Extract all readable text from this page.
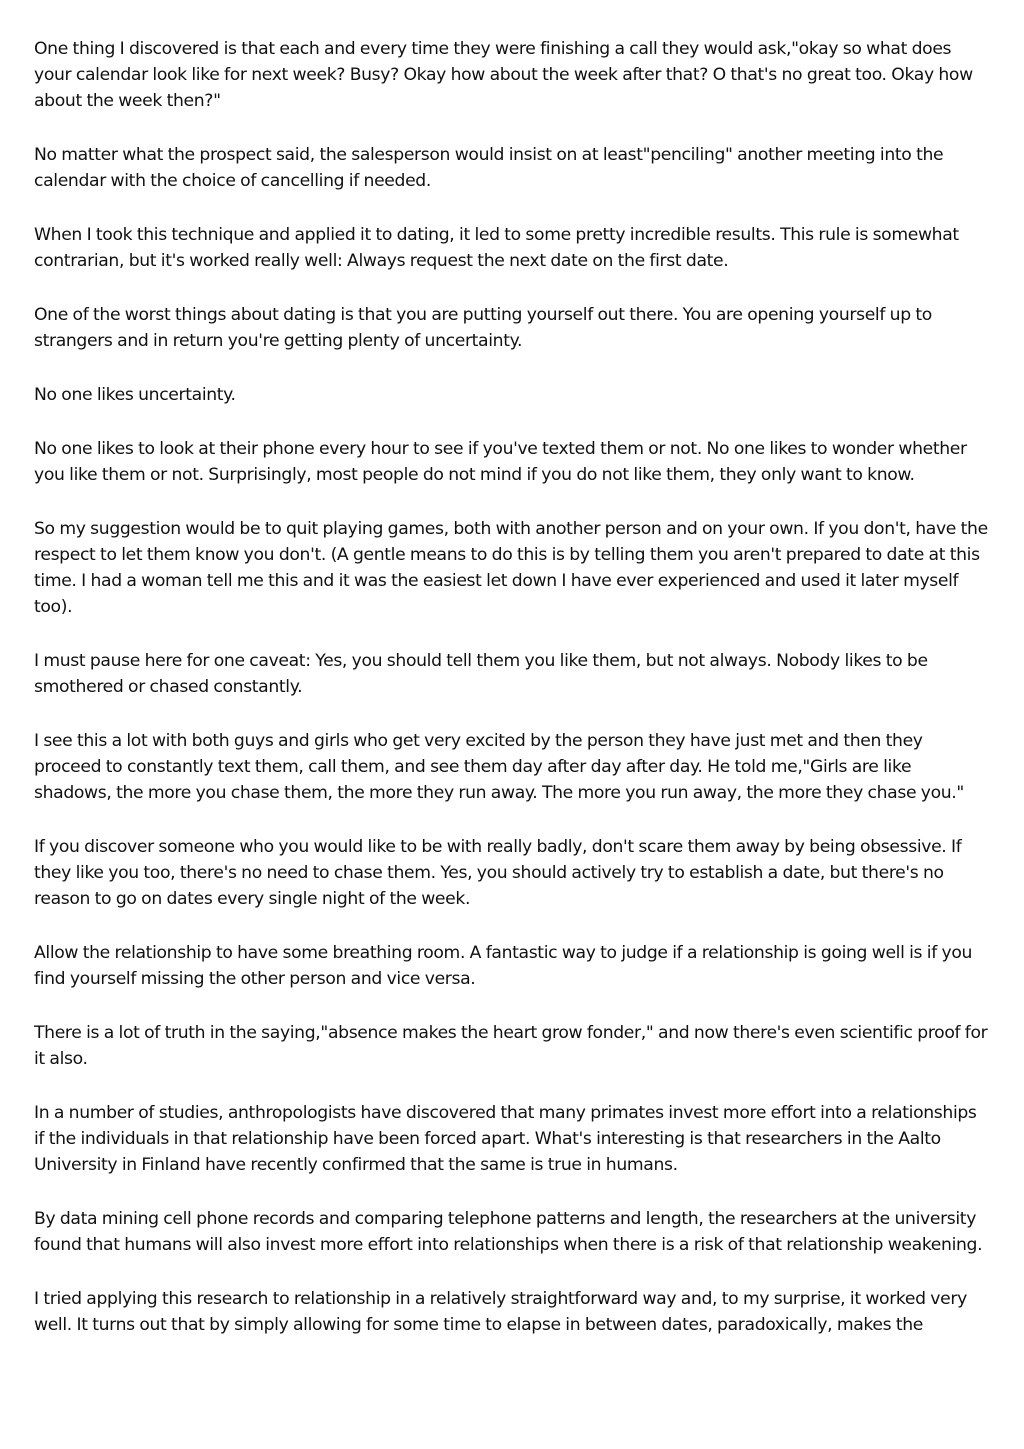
One thing I discovered is that each and every time they were finishing a call they would ask,"okay so what does your calendar look like for next week? Busy? Okay how about the week after that? O that's no great too. Okay how about the week then?"

No matter what the prospect said, the salesperson would insist on at least"penciling" another meeting into the calendar with the choice of cancelling if needed.

When I took this technique and applied it to dating, it led to some pretty incredible results. This rule is somewhat contrarian, but it's worked really well: Always request the next date on the first date.

One of the worst things about dating is that you are putting yourself out there. You are opening yourself up to strangers and in return you're getting plenty of uncertainty.

No one likes uncertainty.

No one likes to look at their phone every hour to see if you've texted them or not. No one likes to wonder whether you like them or not. Surprisingly, most people do not mind if you do not like them, they only want to know.

So my suggestion would be to quit playing games, both with another person and on your own. If you don't, have the respect to let them know you don't. (A gentle means to do this is by telling them you aren't prepared to date at this time. I had a woman tell me this and it was the easiest let down I have ever experienced and used it later myself too).

I must pause here for one caveat: Yes, you should tell them you like them, but not always. Nobody likes to be smothered or chased constantly.

I see this a lot with both guys and girls who get very excited by the person they have just met and then they proceed to constantly text them, call them, and see them day after day after day. He told me,"Girls are like shadows, the more you chase them, the more they run away. The more you run away, the more they chase you."

If you discover someone who you would like to be with really badly, don't scare them away by being obsessive. If they like you too, there's no need to chase them. Yes, you should actively try to establish a date, but there's no reason to go on dates every single night of the week.

Allow the relationship to have some breathing room. A fantastic way to judge if a relationship is going well is if you find yourself missing the other person and vice versa.

There is a lot of truth in the saying,"absence makes the heart grow fonder," and now there's even scientific proof for it also.

In a number of studies, anthropologists have discovered that many primates invest more effort into a relationships if the individuals in that relationship have been forced apart. What's interesting is that researchers in the Aalto University in Finland have recently confirmed that the same is true in humans.

By data mining cell phone records and comparing telephone patterns and length, the researchers at the university found that humans will also invest more effort into relationships when there is a risk of that relationship weakening.

I tried applying this research to relationship in a relatively straightforward way and, to my surprise, it worked very well. It turns out that by simply allowing for some time to elapse in between dates, paradoxically, makes the
